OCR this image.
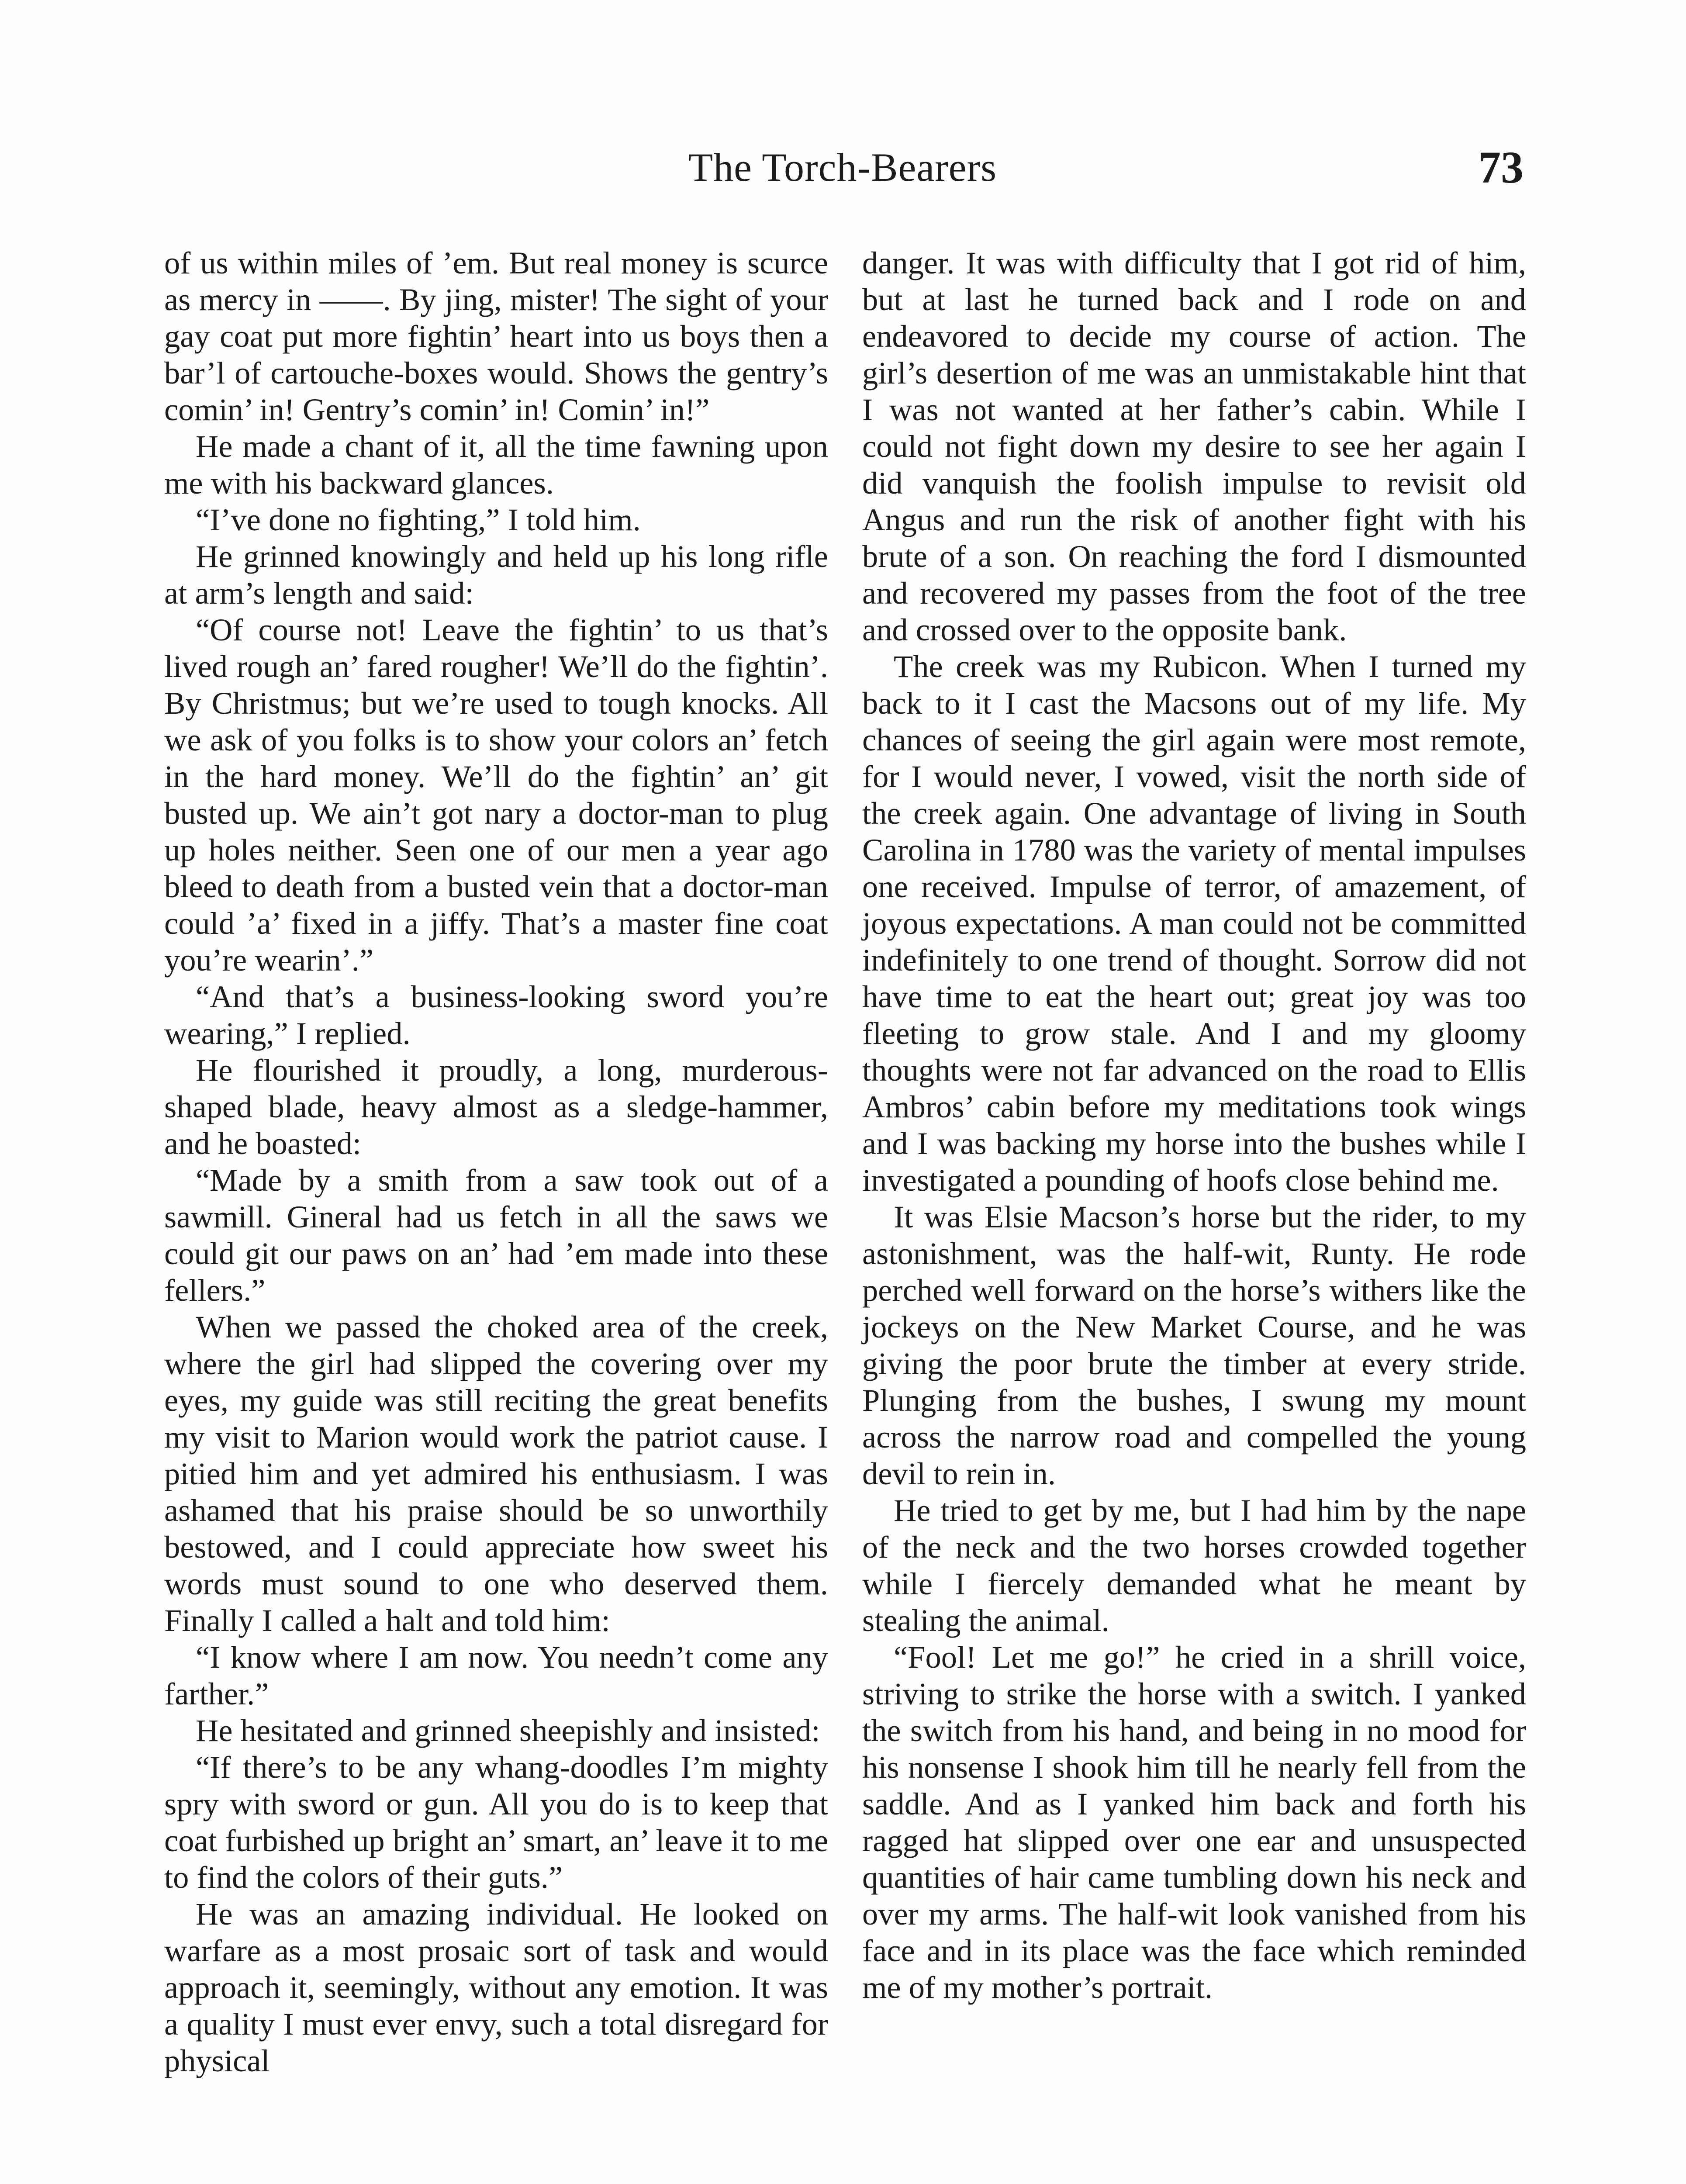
The Torch-Bearers	73

of us within miles of ’em. But real money is scurce as mercy in ——. By jing, mister! The sight of your gay coat put more fightin’ heart into us boys then a bar’l of cartouche-boxes would. Shows the gentry’s comin’ in! Gentry’s comin’ in! Comin’ in!”

He made a chant of it, all the time fawning upon me with his backward glances.

“I’ve done no fighting,” I told him.

He grinned knowingly and held up his long rifle at arm’s length and said:

“Of course not! Leave the fightin’ to us that’s lived rough an’ fared rougher! We’ll do the fightin’. By Christmus; but we’re used to tough knocks. All we ask of you folks is to show your colors an’ fetch in the hard money. We’ll do the fightin’ an’ git busted up. We ain’t got nary a doctor-man to plug up holes neither. Seen one of our men a year ago bleed to death from a busted vein that a doctor-man could ’a’ fixed in a jiffy. That’s a master fine coat you’re wearin’.”

“And that’s a business-looking sword you’re wearing,” I replied.

He flourished it proudly, a long, murderous-shaped blade, heavy almost as a sledge-hammer, and he boasted:

“Made by a smith from a saw took out of a sawmill. Gineral had us fetch in all the saws we could git our paws on an’ had ’em made into these fellers.”

When we passed the choked area of the creek, where the girl had slipped the covering over my eyes, my guide was still reciting the great benefits my visit to Marion would work the patriot cause. I pitied him and yet admired his enthusiasm. I was ashamed that his praise should be so unworthily bestowed, and I could appreciate how sweet his words must sound to one who deserved them. Finally I called a halt and told him:

“I know where I am now. You needn’t come any farther.”

He hesitated and grinned sheepishly and insisted:

“If there’s to be any whang-doodles I’m mighty spry with sword or gun. All you do is to keep that coat furbished up bright an’ smart, an’ leave it to me to find the colors of their guts.”

He was an amazing individual. He looked on warfare as a most prosaic sort of task and would approach it, seemingly, without any emotion. It was a quality I must ever envy, such a total disregard for physical

danger. It was with difficulty that I got rid of him, but at last he turned back and I rode on and endeavored to decide my course of action. The girl’s desertion of me was an unmistakable hint that I was not wanted at her father’s cabin. While I could not fight down my desire to see her again I did vanquish the foolish impulse to revisit old Angus and run the risk of another fight with his brute of a son. On reaching the ford I dismounted and recovered my passes from the foot of the tree and crossed over to the opposite bank.

The creek was my Rubicon. When I turned my back to it I cast the Macsons out of my life. My chances of seeing the girl again were most remote, for I would never, I vowed, visit the north side of the creek again. One advantage of living in South Carolina in 1780 was the variety of mental impulses one received. Impulse of terror, of amazement, of joyous expectations. A man could not be committed indefinitely to one trend of thought. Sorrow did not have time to eat the heart out; great joy was too fleeting to grow stale. And I and my gloomy thoughts were not far advanced on the road to Ellis Ambros’ cabin before my meditations took wings and I was backing my horse into the bushes while I investigated a pounding of hoofs close behind me.

It was Elsie Macson’s horse but the rider, to my astonishment, was the half-wit, Runty. He rode perched well forward on the horse’s withers like the jockeys on the New Market Course, and he was giving the poor brute the timber at every stride. Plunging from the bushes, I swung my mount across the narrow road and compelled the young devil to rein in.

He tried to get by me, but I had him by the nape of the neck and the two horses crowded together while I fiercely demanded what he meant by stealing the animal.

“Fool! Let me go!” he cried in a shrill voice, striving to strike the horse with a switch. I yanked the switch from his hand, and being in no mood for his nonsense I shook him till he nearly fell from the saddle. And as I yanked him back and forth his ragged hat slipped over one ear and unsuspected quantities of hair came tumbling down his neck and over my arms. The half-wit look vanished from his face and in its place was the face which reminded me of my mother’s portrait.
